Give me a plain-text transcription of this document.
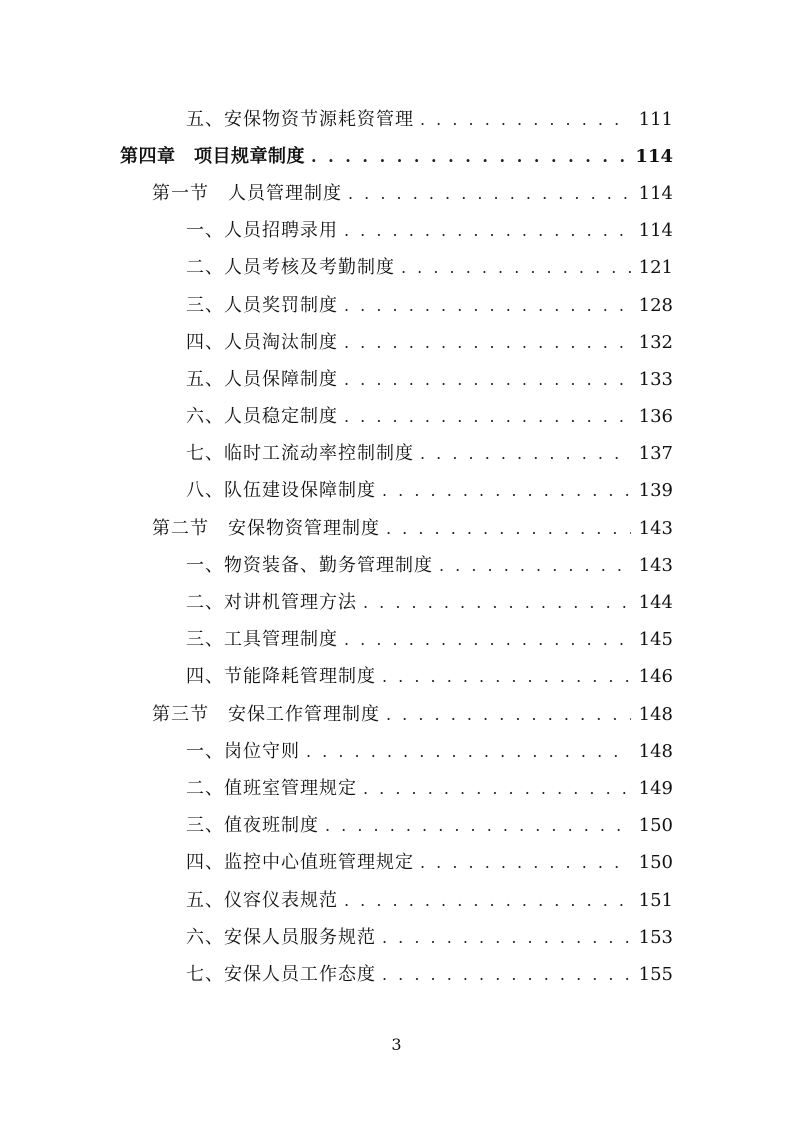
五、安保物资节源耗资管理 . . .	111
第四章　项目规章制度 . . .	114
第一节　人员管理制度 . . .	114
一、人员招聘录用 . . .	114
二、人员考核及考勤制度 . . .	121
三、人员奖罚制度 . . .	128
四、人员淘汰制度 . . .	132
五、人员保障制度 . . .	133
六、人员稳定制度 . . .	136
七、临时工流动率控制制度 . . .	137
八、队伍建设保障制度 . . .	139
第二节　安保物资管理制度 . . .	143
一、物资装备、勤务管理制度 . . .	143
二、对讲机管理方法 . . .	144
三、工具管理制度 . . .	145
四、节能降耗管理制度 . . .	146
第三节　安保工作管理制度 . . .	148
一、岗位守则 . . .	148
二、值班室管理规定 . . .	149
三、值夜班制度 . . .	150
四、监控中心值班管理规定 . . .	150
五、仪容仪表规范 . . .	151
六、安保人员服务规范 . . .	153
七、安保人员工作态度 . . .	155
3
